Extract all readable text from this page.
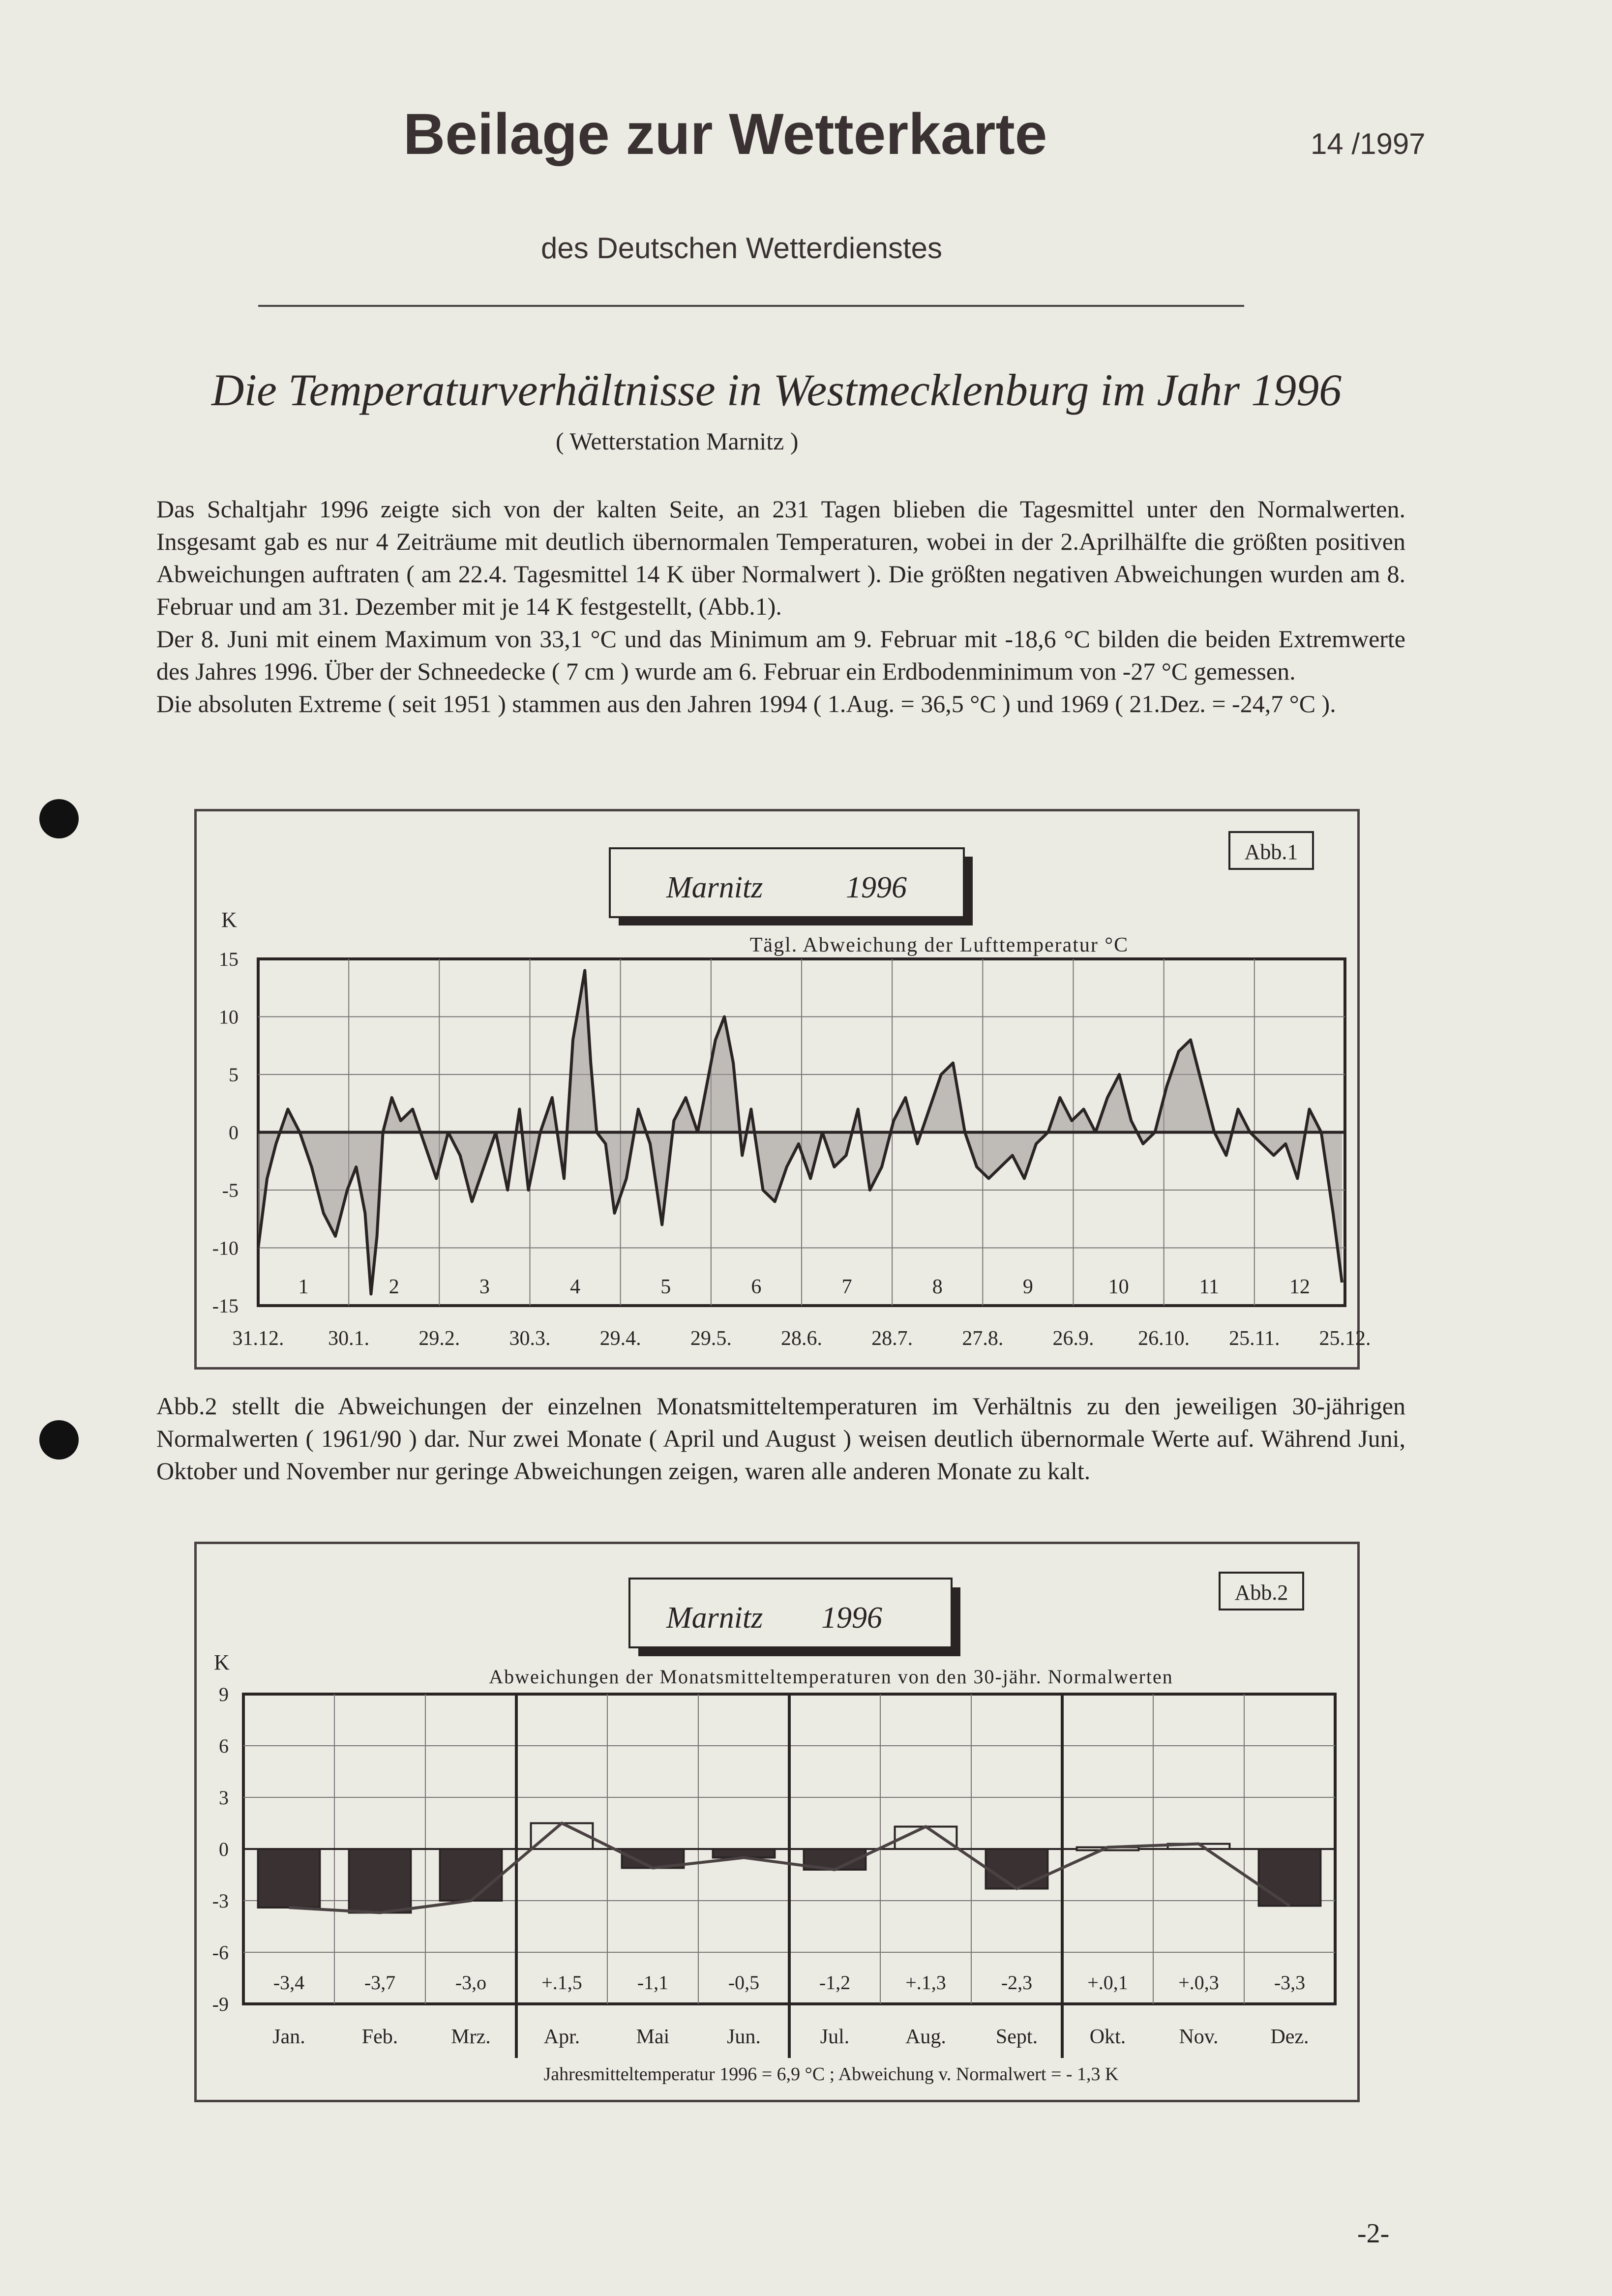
Beilage zur Wetterkarte	14 /1997
des Deutschen Wetterdienstes
Die Temperaturverhältnisse in Westmecklenburg im Jahr 1996
( Wetterstation Marnitz )

Das Schaltjahr 1996 zeigte sich von der kalten Seite, an 231 Tagen blieben die Tagesmittel unter den Normalwerten. Insgesamt gab es nur 4 Zeiträume mit deutlich übernormalen Temperaturen, wobei in der 2.Aprilhälfte die größten positiven Abweichungen auftraten ( am 22.4. Tagesmittel 14 K über Normalwert ). Die größten negativen Abweichungen wurden am 8. Februar und am 31. Dezember mit je 14 K festgestellt, (Abb.1).

Der 8. Juni mit einem Maximum von 33,1 °C und das Minimum am 9. Februar mit -18,6 °C bilden die beiden Extremwerte des Jahres 1996. Über der Schneedecke ( 7 cm ) wurde am 6. Februar ein Erdbodenminimum von -27 °C gemessen.

Die absoluten Extreme ( seit 1951 ) stammen aus den Jahren 1994 ( 1.Aug. = 36,5 °C ) und 1969 ( 21.Dez. = -24,7 °C ).

Marnitz	1996
Abb.1
K
Tägl. Abweichung der Lufttemperatur °C
15
10
5
0
-5
-10
-15
1	2	3	4	5	6	7	8	9	10	11	12
31.12. 30.1. 29.2. 30.3. 29.4. 29.5. 28.6. 28.7. 27.8. 26.9. 26.10. 25.11. 25.12.

Abb.2 stellt die Abweichungen der einzelnen Monatsmitteltemperaturen im Verhältnis zu den jeweiligen 30-jährigen Normalwerten ( 1961/90 ) dar. Nur zwei Monate ( April und August ) weisen deutlich übernormale Werte auf. Während Juni, Oktober und November nur geringe Abweichungen zeigen, waren alle anderen Monate zu kalt.

Marnitz 1996
Abb.2
K
Abweichungen der Monatsmitteltemperaturen von den 30-jähr. Normalwerten
9
6
3
0
-3
-6
-9
-3,4	-3,7	-3,o	+.1,5	-1,1	-0,5	-1,2	+.1,3	-2,3	+.0,1	+.0,3	-3,3
Jan.	Feb.	Mrz.	Apr.	Mai	Jun.	Jul.	Aug. Sept.	Okt.	Nov.	Dez.
Jahresmitteltemperatur 1996 = 6,9 °C ; Abweichung v. Normalwert = - 1,3 K
-2-
